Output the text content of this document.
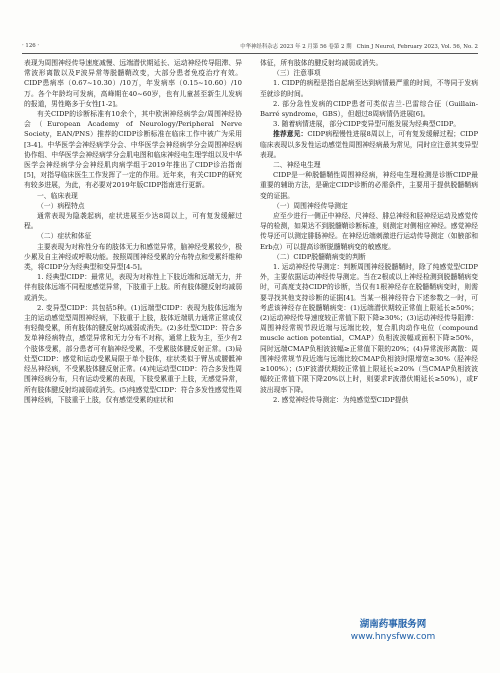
· 126 ·	中华神经科杂志 2023 年 2 月第 56 卷第 2 期 Chin J Neurol, February 2023, Vol. 56, No. 2

表现为周围神经传导速度减慢、远端潜伏期延长、运动神经传导阻滞、异常波形离散以及F波异常等脱髓鞘改变，大部分患者免疫治疗有效。CIDP患病率（0.67~10.30）/10万，年发病率（0.15~10.60）/10万。各个年龄均可发病，高峰期在40~60岁，也有儿童甚至新生儿发病的报道，男性略多于女性[1-2]。

有关CIDP的诊断标准有10余个，其中欧洲神经病学会/周围神经协会（European Academy of Neurology/Peripheral Nerve Society，EAN/PNS）推荐的CIDP诊断标准在临床工作中被广为采用[3-4]。中华医学会神经病学分会、中华医学会神经病学分会周围神经病协作组、中华医学会神经病学分会肌电图和临床神经电生理学组以及中华医学会神经病学分会神经肌肉病学组于2019年推出了CIDP诊治指南[5]，对指导临床医生工作发挥了一定的作用。近年来，有关CIDP的研究有较多进展，为此，有必要对2019年版CIDP指南进行更新。

一、临床表现

（一）病程特点

通常表现为隐袭起病，症状进展至少达8周以上，可有复发缓解过程。

（二）症状和体征

主要表现为对称性分布的肢体无力和感觉异常，脑神经受累较少，极少累及自主神经或呼吸功能。按照周围神经受累的分布特点和受累纤维种类，将CIDP分为经典型和变异型[4-5]。

1. 经典型CIDP：最常见，表现为对称性上下肢近端和远端无力，并伴有肢体远端不同程度感觉异常，下肢重于上肢。所有肢体腱反射均减弱或消失。

2. 变异型CIDP：共包括5种。(1)远端型CIDP：表现为肢体远端为主的运动感觉型周围神经病，下肢重于上肢，肢体近端肌力通常正常或仅有轻微受累，所有肢体的腱反射均减弱或消失。(2)多灶型CIDP：符合多发单神经病特点，感觉异常和无力分布不对称，通常上肢为主，至少有2个肢体受累，部分患者可有脑神经受累，不受累肢体腱反射正常。(3)局灶型CIDP：感觉和运动受累局限于单个肢体，症状类似于臂丛或腰骶神经丛神经病，不受累肢体腱反射正常。(4)纯运动型CIDP：符合多发性周围神经病分布，只有运动受累的表现，下肢受累重于上肢，无感觉异常，所有肢体腱反射均减弱或消失。(5)纯感觉型CIDP：符合多发性感觉性周围神经病，下肢重于上肢，仅有感觉受累的症状和

体征，所有肢体的腱反射均减弱或消失。

（三）注意事项

1. CIDP的病程是指自起病至达到病情最严重的时间，不等同于发病至就诊的时间。

2. 部分急性发病的CIDP患者可类似吉兰-巴雷综合征（Guillain-Barré syndrome，GBS），但超过8周病情仍进展[6]。

3. 随着病情进展，部分CIDP变异型可能发展为经典型CIDP。

推荐意见：CIDP病程慢性进展8周以上，可有复发缓解过程；CIDP临床表现以多发性运动感觉性周围神经病最为常见，同时应注意其变异型表现。

二、神经电生理

CIDP是一种脱髓鞘性周围神经病，神经电生理检测是诊断CIDP最重要的辅助方法，是确定CIDP诊断的必需条件，主要用于提供脱髓鞘病变的证据。

（一）周围神经传导测定

应至少进行一侧正中神经、尺神经、腓总神经和胫神经运动及感觉传导的检测，如果达不到脱髓鞘诊断标准，则测定对侧相应神经。感觉神经传导还可以测定腓肠神经。在神经近端刺激进行运动传导测定（如腋部和Erb点）可以提高诊断脱髓鞘病变的敏感度。

（二）CIDP脱髓鞘病变的判断

1. 运动神经传导测定：判断周围神经脱髓鞘时，除了纯感觉型CIDP外，主要依据运动神经传导测定。当在2根或以上神经检测到脱髓鞘病变时，可高度支持CIDP的诊断，当仅有1根神经存在脱髓鞘病变时，则需要寻找其他支持诊断的证据[4]。当某一根神经符合下述参数之一时，可考虑该神经存在脱髓鞘病变：(1)远端潜伏期较正常值上限延长≥50%；(2)运动神经传导速度较正常值下限下降≥30%；(3)运动神经传导阻滞：周围神经常规节段近端与远端比较，复合肌肉动作电位（compound muscle action potential，CMAP）负相波波幅或面积下降≥50%，同时远端CMAP负相波波幅≥正常值下限的20%；(4)异常波形离散：周围神经常规节段近端与远端比较CMAP负相波时限增宽≥30%（胫神经≥100%）；(5)F波潜伏期较正常值上限延长≥20%（当CMAP负相波波幅较正常值下限下降20%以上时，则要求F波潜伏期延长≥50%），或F波出现率下降。

2. 感觉神经传导测定：为纯感觉型CIDP提供

湖南药事服务网
www.hnysfww.com
